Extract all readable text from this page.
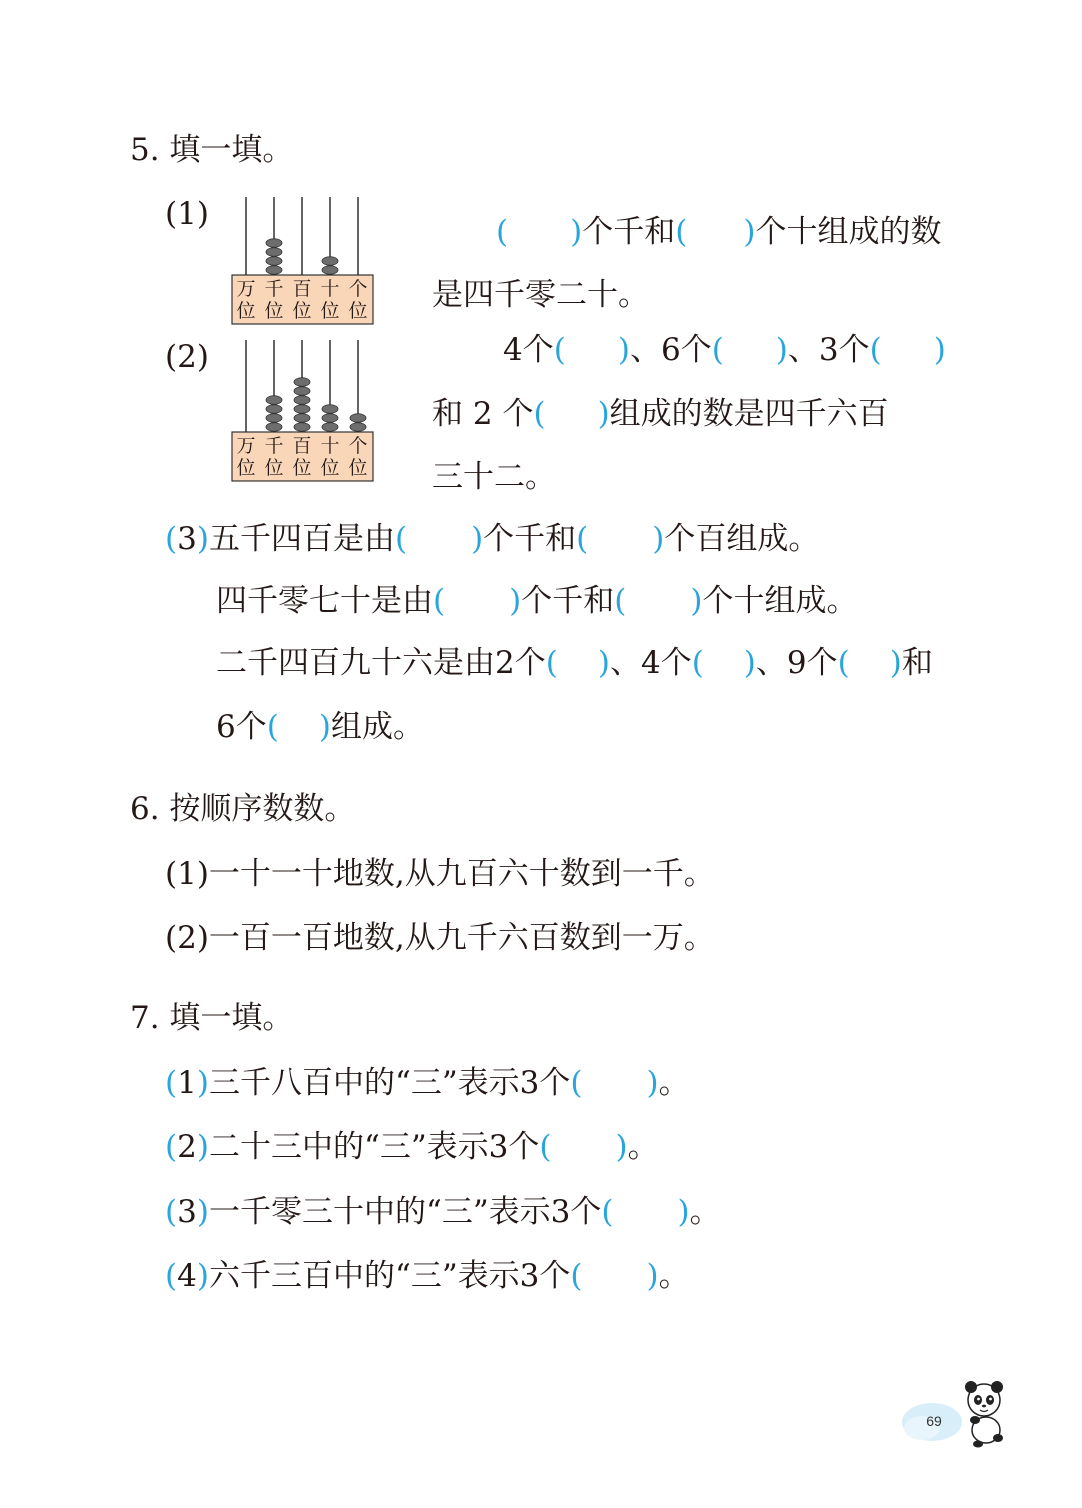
5. 填一填。
(1)
万
位
千
位
百
位
十
位
个
位
( )个千和( )个十组成的数
是四千零二十。
(2)
万
位
千
位
百
位
十
位
个
位
4个( )、6个( )、3个( )
和 2 个( )组成的数是四千六百
三十二。
(3)五千四百是由( )个千和( )个百组成。
四千零七十是由( )个千和( )个十组成。
二千四百九十六是由2个( )、4个( )、9个( )和
6个( )组成。
6. 按顺序数数。
(1)一十一十地数,从九百六十数到一千。
(2)一百一百地数,从九千六百数到一万。
7. 填一填。
(1)三千八百中的“三”表示3个( )。
(2)二十三中的“三”表示3个( )。
(3)一千零三十中的“三”表示3个( )。
(4)六千三百中的“三”表示3个( )。
69
